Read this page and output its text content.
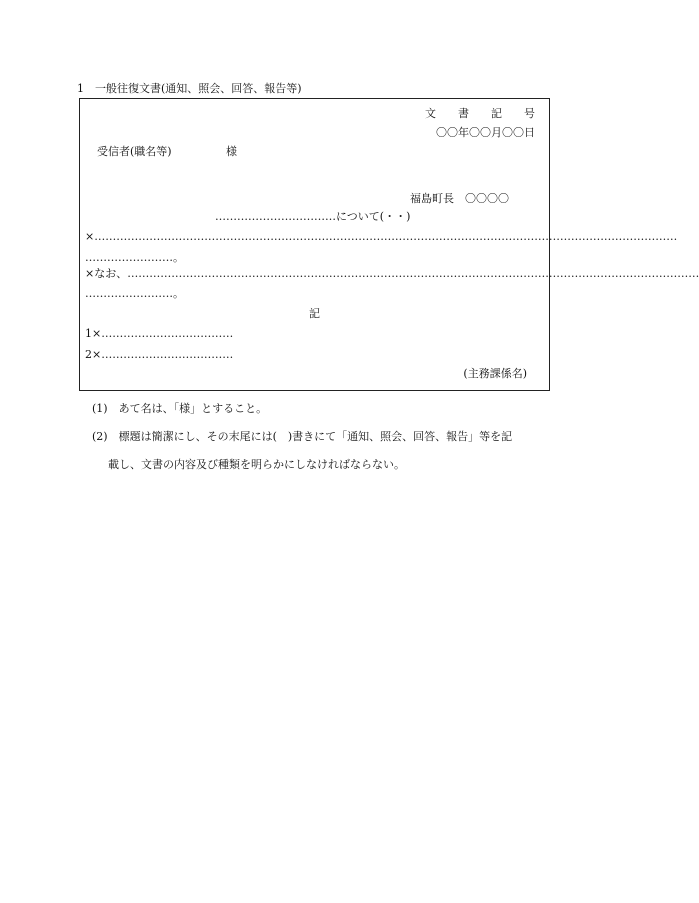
1　一般往復文書(通知、照会、回答、報告等)
文書記号
〇〇年〇〇月〇〇日
受信者(職名等)	様
福島町長　〇〇〇〇
……………………………について(・・)
×……………………………………………………………………………………………………………………………………………
……………………。
×なお、…………………………………………………………………………………………………………………………………………
……………………。
記
1×………………………………
2×………………………………
(主務課係名)
(1)　あて名は、「様」とすること。
(2)　標題は簡潔にし、その末尾には(　)書きにて「通知、照会、回答、報告」等を記
載し、文書の内容及び種類を明らかにしなければならない。
